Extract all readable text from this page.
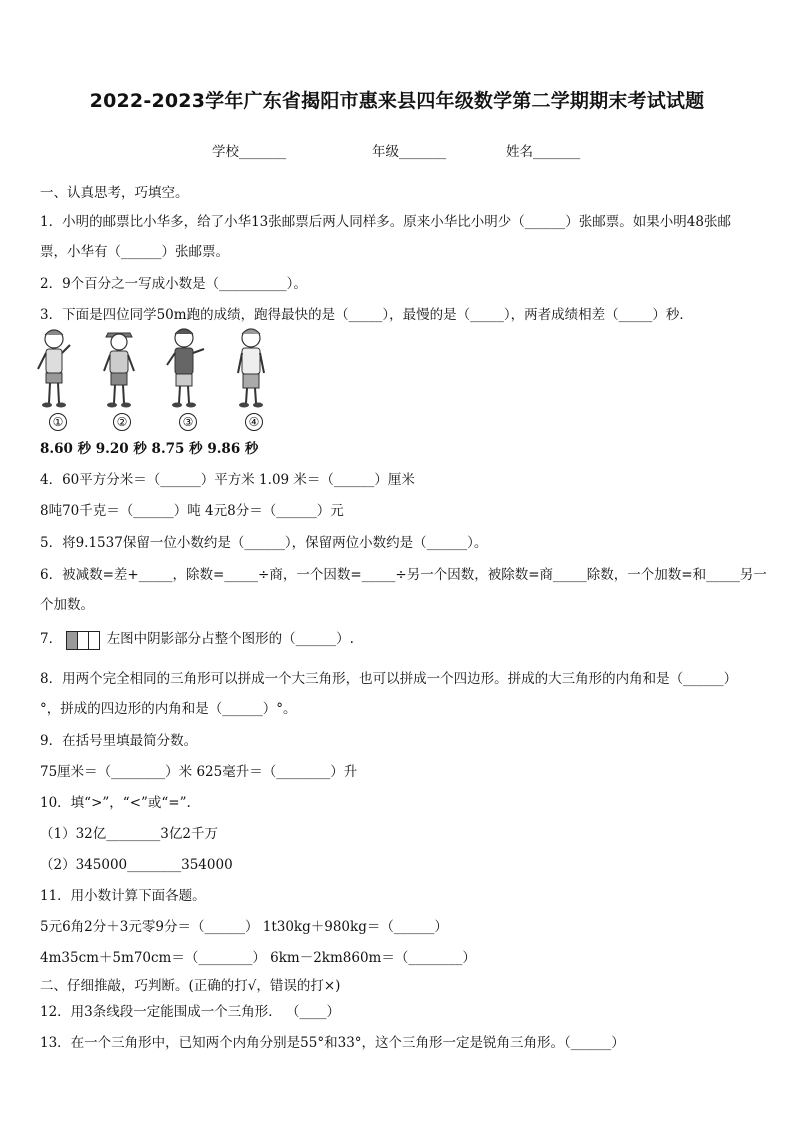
2022-2023学年广东省揭阳市惠来县四年级数学第二学期期末考试试题
学校_______	年级_______	姓名_______
一、认真思考，巧填空。
1．小明的邮票比小华多，给了小华13张邮票后两人同样多。原来小华比小明少（______）张邮票。如果小明48张邮
票，小华有（______）张邮票。
2．9个百分之一写成小数是（__________）。
3．下面是四位同学50m跑的成绩，跑得最快的是（_____），最慢的是（_____），两者成绩相差（_____）秒．
①	②	③	④
8.60 秒 9.20 秒 8.75 秒 9.86 秒
4．60平方分米＝（______）平方米 1.09 米＝（______）厘米
8吨70千克＝（______）吨 4元8分＝（______）元
5．将9.1537保留一位小数约是（______），保留两位小数约是（______）。
6．被减数=差+_____，除数=_____÷商，一个因数=_____÷另一个因数，被除数=商_____除数，一个加数=和_____另一
个加数。
7．	左图中阴影部分占整个图形的（______）.
8．用两个完全相同的三角形可以拼成一个大三角形，也可以拼成一个四边形。拼成的大三角形的内角和是（______）
°，拼成的四边形的内角和是（______）°。
9．在括号里填最简分数。
75厘米＝（________）米 625毫升＝（________）升
10．填“>”，“<”或“=”.
（1）32亿________3亿2千万
（2）345000________354000
11．用小数计算下面各题。
5元6角2分＋3元零9分＝（______） 1t30kg＋980kg＝（______）
4m35cm＋5m70cm＝（________） 6km－2km860m＝（________）
二、仔细推敲，巧判断。(正确的打√，错误的打×)
12．用3条线段一定能围成一个三角形． （____）
13．在一个三角形中，已知两个内角分别是55°和33°，这个三角形一定是锐角三角形。（______）
